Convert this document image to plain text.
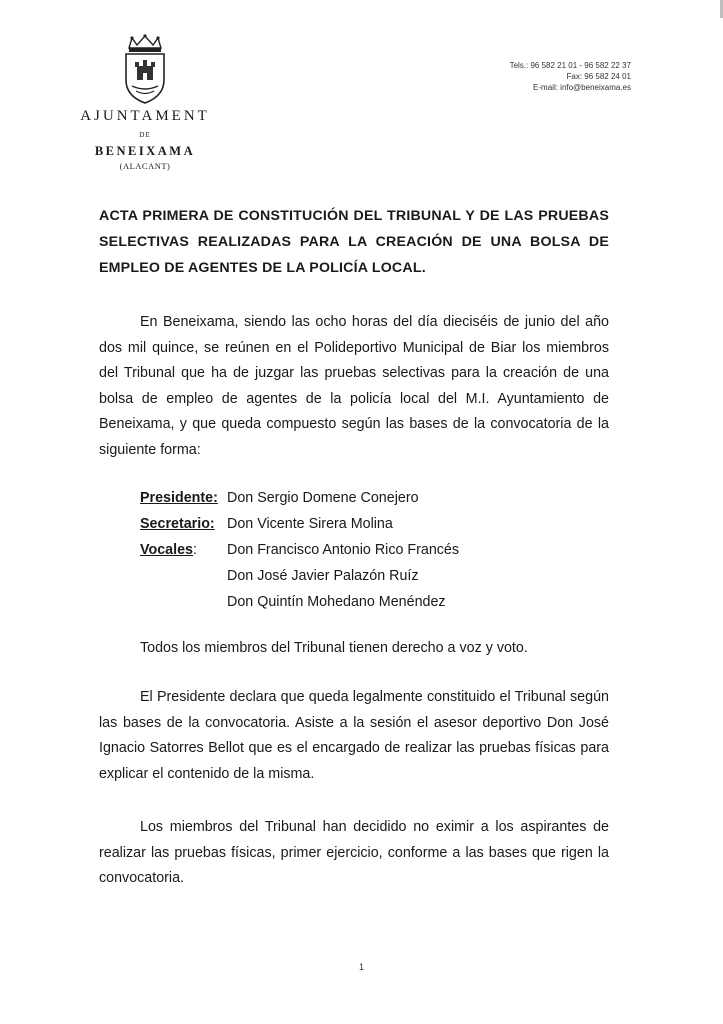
AJUNTAMENT
DE
BENEIXAMA
(ALACANT)
Tels.: 96 582 21 01 - 96 582 22 37
Fax: 96 582 24 01
E-mail: info@beneixama.es
ACTA PRIMERA DE CONSTITUCIÓN DEL TRIBUNAL Y DE LAS PRUEBAS SELECTIVAS REALIZADAS PARA LA CREACIÓN DE UNA BOLSA DE EMPLEO DE AGENTES DE LA POLICÍA LOCAL.
En Beneixama, siendo las ocho horas del día dieciséis de junio del año dos mil quince, se reúnen en el Polideportivo Municipal de Biar los miembros del Tribunal que ha de juzgar las pruebas selectivas para la creación de una bolsa de empleo de agentes de la policía local del M.I. Ayuntamiento de Beneixama, y que queda compuesto según las bases de la convocatoria de la siguiente forma:
Presidente: Don Sergio Domene Conejero
Secretario: Don Vicente Sirera Molina
Vocales:	Don Francisco Antonio Rico Francés
Don José Javier Palazón Ruíz
Don Quintín Mohedano Menéndez
Todos los miembros del Tribunal tienen derecho a voz y voto.
El Presidente declara que queda legalmente constituido el Tribunal según las bases de la convocatoria. Asiste a la sesión el asesor deportivo Don José Ignacio Satorres Bellot que es el encargado de realizar las pruebas físicas para explicar el contenido de la misma.
Los miembros del Tribunal han decidido no eximir a los aspirantes de realizar las pruebas físicas, primer ejercicio, conforme a las bases que rigen la convocatoria.
1
